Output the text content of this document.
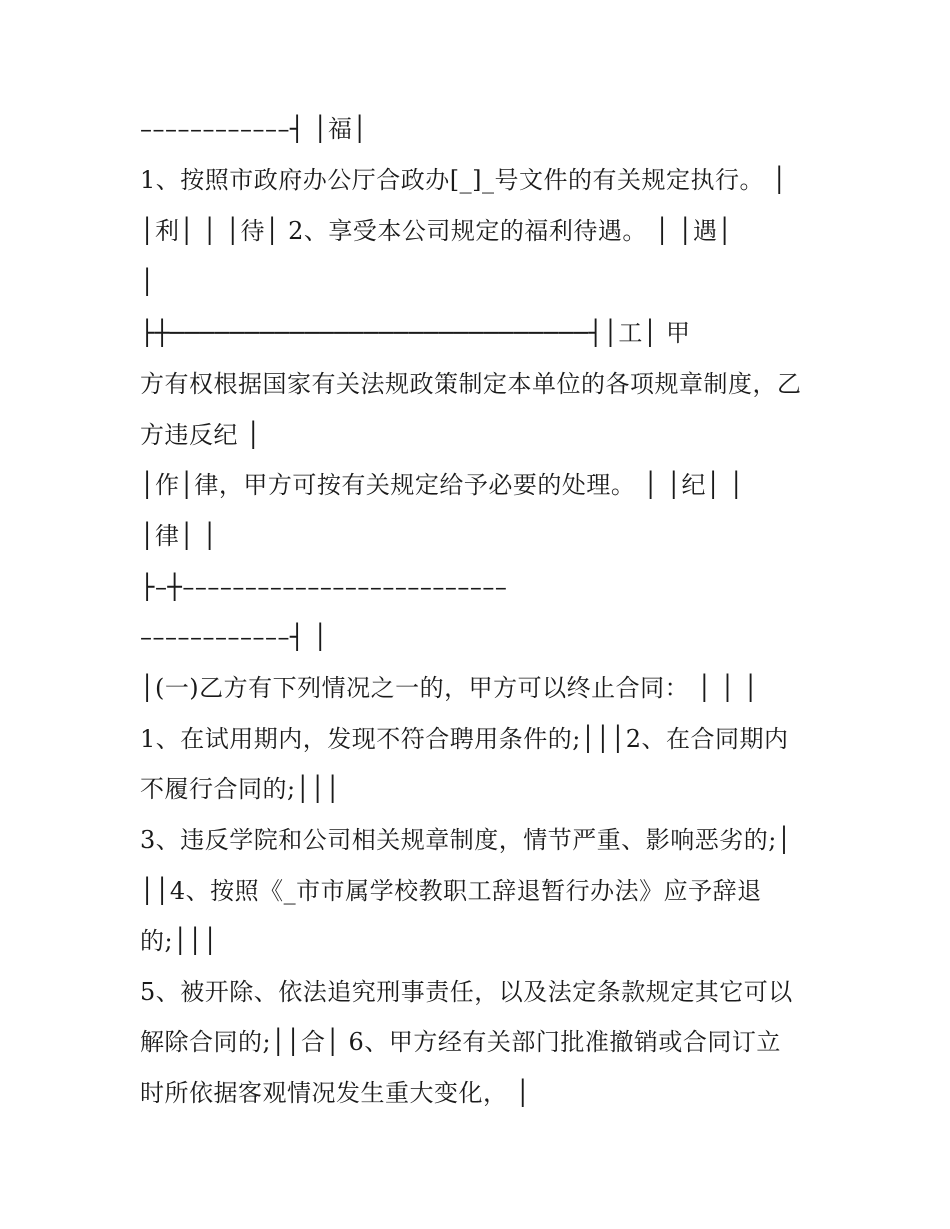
––––––––––––┤ │福│
1、按照市政府办公厅合政办[_]_号文件的有关规定执行。 │
│利│ │ │待│ 2、享受本公司规定的福利待遇。 │ │遇│
│
├┼────────────────────────────┤│工│ 甲
方有权根据国家有关法规政策制定本单位的各项规章制度，乙
方违反纪 │
│作│律，甲方可按有关规定给予必要的处理。 │ │纪│ │
│律│ │
├–┼––––––––––––––––––––––––––
––––––––––––┤ │
│(一)乙方有下列情况之一的，甲方可以终止合同： │ │ │
1、在试用期内，发现不符合聘用条件的;│││2、在合同期内
不履行合同的;│││
3、违反学院和公司相关规章制度，情节严重、影响恶劣的;│
││4、按照《_市市属学校教职工辞退暂行办法》应予辞退
的;│││
5、被开除、依法追究刑事责任，以及法定条款规定其它可以
解除合同的;││合│ 6、甲方经有关部门批准撤销或合同订立
时所依据客观情况发生重大变化， │
